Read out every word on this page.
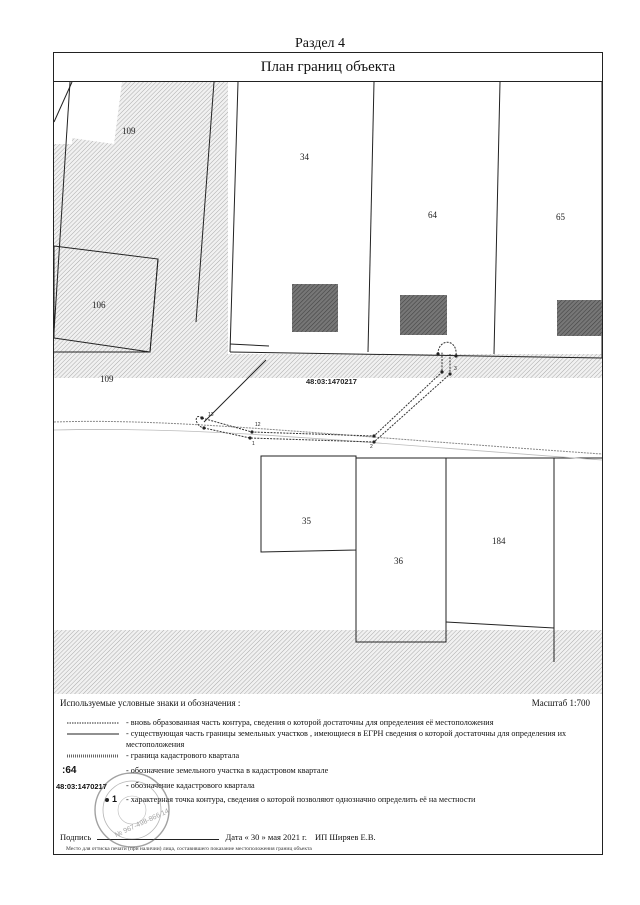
Раздел 4
План границ объекта
109
34
64	65
106
109
35
36
184
48:03:1470217
13
1
12
2
3
Используемые условные знаки и обозначения :	Масштаб 1:700
- вновь образованная часть контура, сведения о которой достаточны для определения её местоположения
- существующая часть границы земельных участков , имеющиеся в ЕГРН сведения о которой достаточны для определения их
местоположения
- граница кадастрового квартала
:64	- обозначение земельного участка в кадастровом квартале
48:03:1470217	- обозначение кадастрового квартала
1	- характерная точка контура, сведения о которой позволяют однозначно определить её на местности
Подпись	Дата « 30 » мая 2021 г. ИП Ширяев Е.В.
Место для оттиска печати (при наличии) лица, составившего показание местоположения границ объекта
№ 967-498-866 14
